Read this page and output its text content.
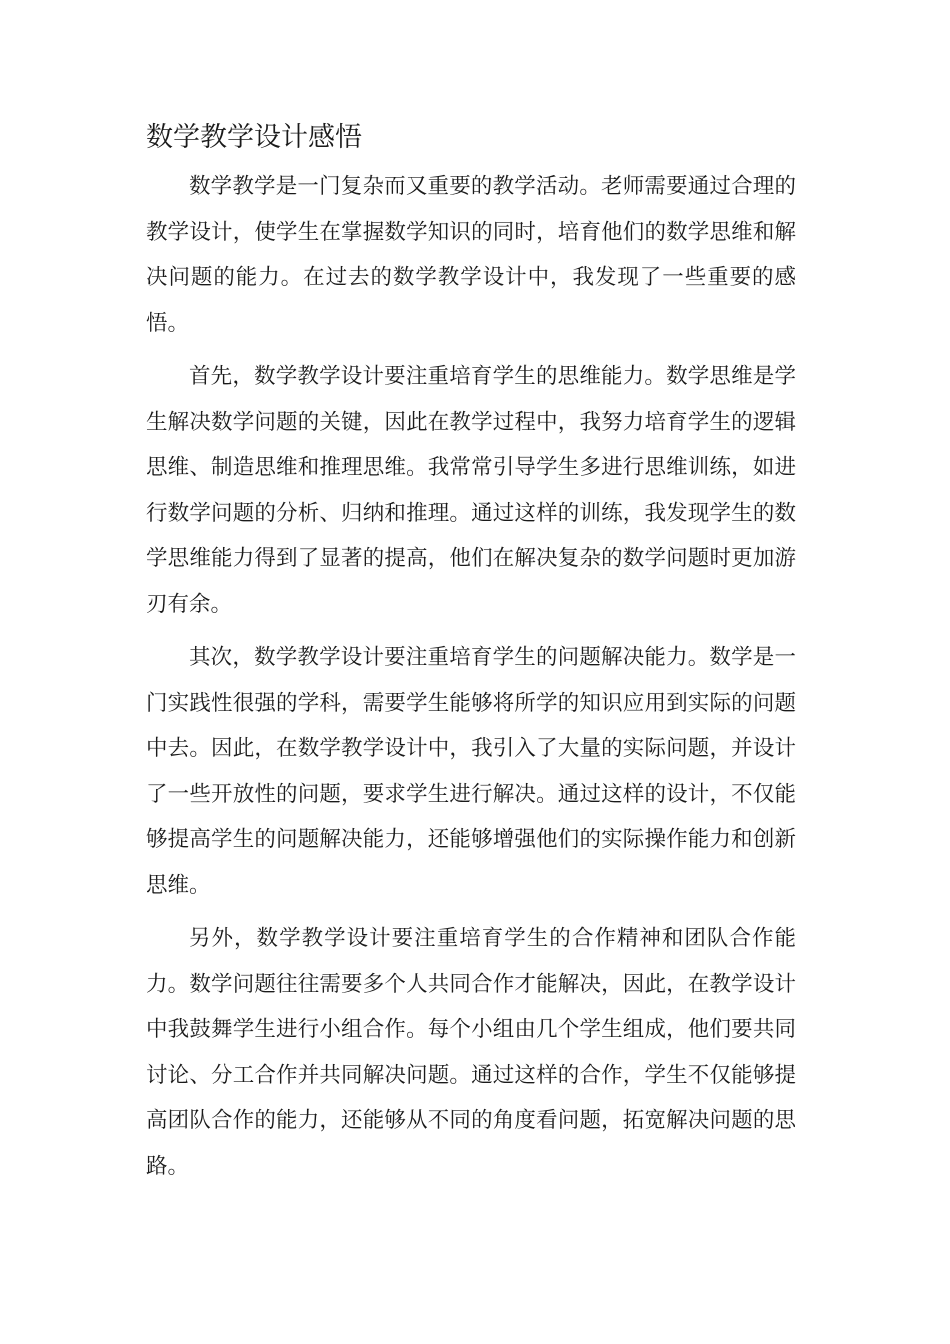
数学教学设计感悟

数学教学是一门复杂而又重要的教学活动。老师需要通过合理的教学设计，使学生在掌握数学知识的同时，培育他们的数学思维和解决问题的能力。在过去的数学教学设计中，我发现了一些重要的感悟。

首先，数学教学设计要注重培育学生的思维能力。数学思维是学生解决数学问题的关键，因此在教学过程中，我努力培育学生的逻辑思维、制造思维和推理思维。我常常引导学生多进行思维训练，如进行数学问题的分析、归纳和推理。通过这样的训练，我发现学生的数学思维能力得到了显著的提高，他们在解决复杂的数学问题时更加游刃有余。

其次，数学教学设计要注重培育学生的问题解决能力。数学是一门实践性很强的学科，需要学生能够将所学的知识应用到实际的问题中去。因此，在数学教学设计中，我引入了大量的实际问题，并设计了一些开放性的问题，要求学生进行解决。通过这样的设计，不仅能够提高学生的问题解决能力，还能够增强他们的实际操作能力和创新思维。

另外，数学教学设计要注重培育学生的合作精神和团队合作能力。数学问题往往需要多个人共同合作才能解决，因此，在教学设计中我鼓舞学生进行小组合作。每个小组由几个学生组成，他们要共同讨论、分工合作并共同解决问题。通过这样的合作，学生不仅能够提高团队合作的能力，还能够从不同的角度看问题，拓宽解决问题的思路。
